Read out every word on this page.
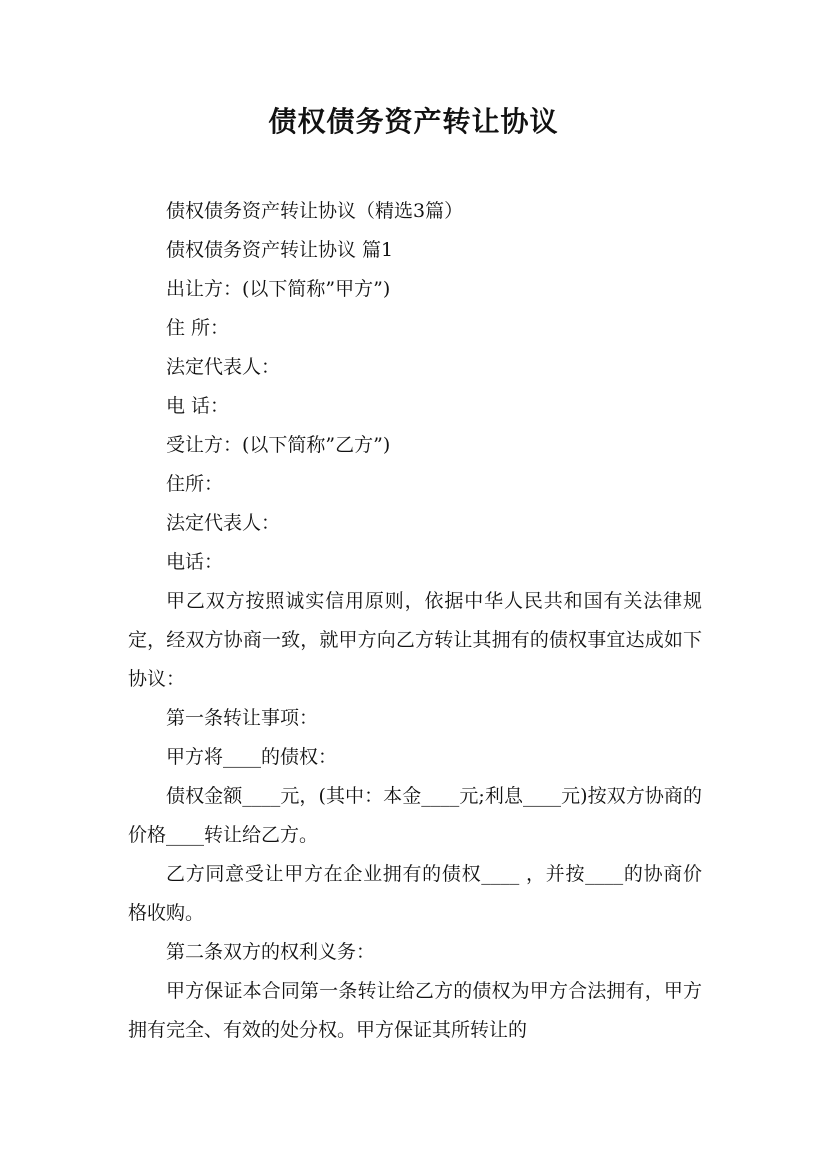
债权债务资产转让协议

债权债务资产转让协议（精选3篇）

债权债务资产转让协议 篇1

出让方：(以下简称”甲方”)

住 所：

法定代表人：

电 话：

受让方：(以下简称”乙方”)

住所：

法定代表人：

电话：

甲乙双方按照诚实信用原则，依据中华人民共和国有关法律规定，经双方协商一致，就甲方向乙方转让其拥有的债权事宜达成如下协议：

第一条转让事项：

甲方将____的债权：

债权金额____元，(其中：本金____元;利息____元)按双方协商的价格____转让给乙方。

乙方同意受让甲方在企业拥有的债权____ ，并按____的协商价格收购。

第二条双方的权利义务：

甲方保证本合同第一条转让给乙方的债权为甲方合法拥有，甲方拥有完全、有效的处分权。甲方保证其所转让的
